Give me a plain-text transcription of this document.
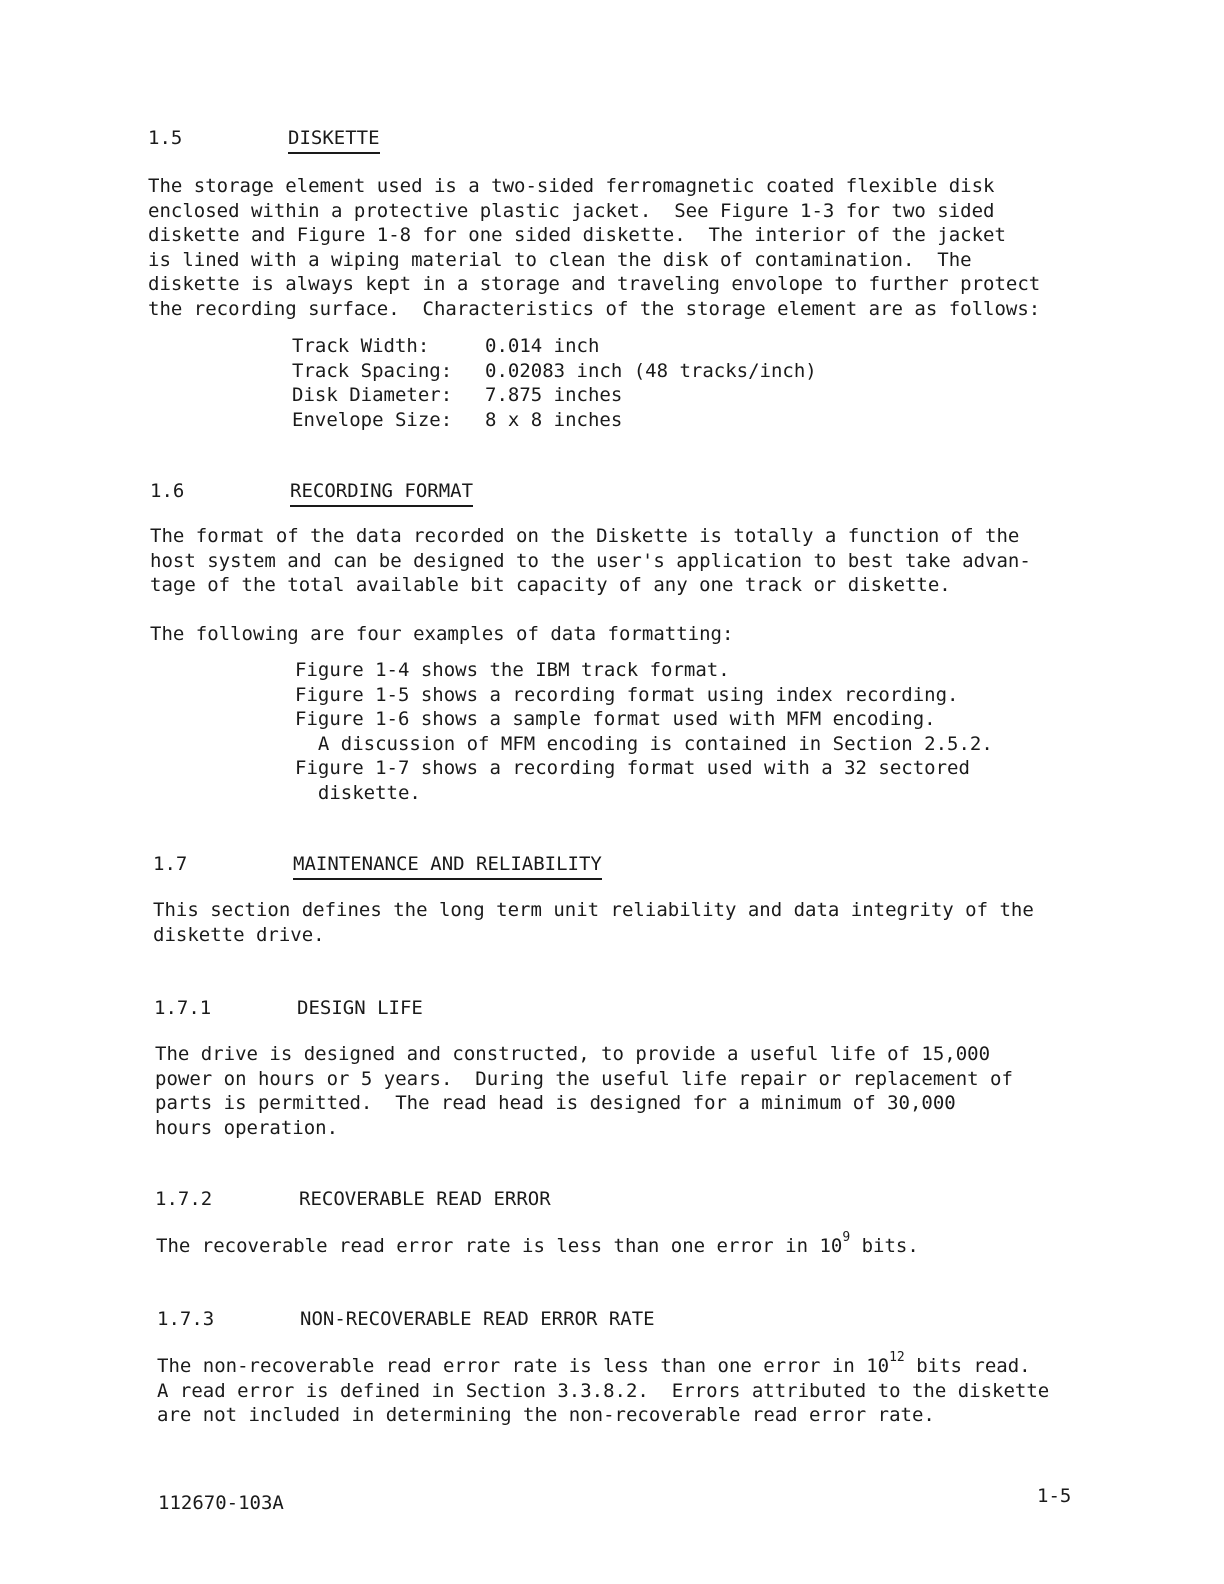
1.5	DISKETTE

The storage element used is a two-sided ferromagnetic coated flexible disk
enclosed within a protective plastic jacket.  See Figure 1-3 for two sided
diskette and Figure 1-8 for one sided diskette.  The interior of the jacket
is lined with a wiping material to clean the disk of contamination.  The
diskette is always kept in a storage and traveling envolope to further protect
the recording surface.  Characteristics of the storage element are as follows:

Track Width:	0.014 inch
Track Spacing: 0.02083 inch (48 tracks/inch)
Disk Diameter: 7.875 inches
Envelope Size: 8 x 8 inches
1.6	RECORDING FORMAT

The format of the data recorded on the Diskette is totally a function of the
host system and can be designed to the user's application to best take advan-
tage of the total available bit capacity of any one track or diskette.

The following are four examples of data formatting:

Figure 1-4 shows the IBM track format.
Figure 1-5 shows a recording format using index recording.
Figure 1-6 shows a sample format used with MFM encoding.
A discussion of MFM encoding is contained in Section 2.5.2.
Figure 1-7 shows a recording format used with a 32 sectored
diskette.

1.7	MAINTENANCE AND RELIABILITY

This section defines the long term unit reliability and data integrity of the
diskette drive.

1.7.1	DESIGN LIFE

The drive is designed and constructed, to provide a useful life of 15,000
power on hours or 5 years.  During the useful life repair or replacement of
parts is permitted.  The read head is designed for a minimum of 30,000
hours operation.

1.7.2	RECOVERABLE READ ERROR

The recoverable read error rate is less than one error in $10^9$ bits.

1.7.3	NON-RECOVERABLE READ ERROR RATE

The non-recoverable read error rate is less than one error in $10^{12}$ bits read.

A read error is defined in Section 3.3.8.2.  Errors attributed to the diskette
are not included in determining the non-recoverable read error rate.

112670-103A	1-5
